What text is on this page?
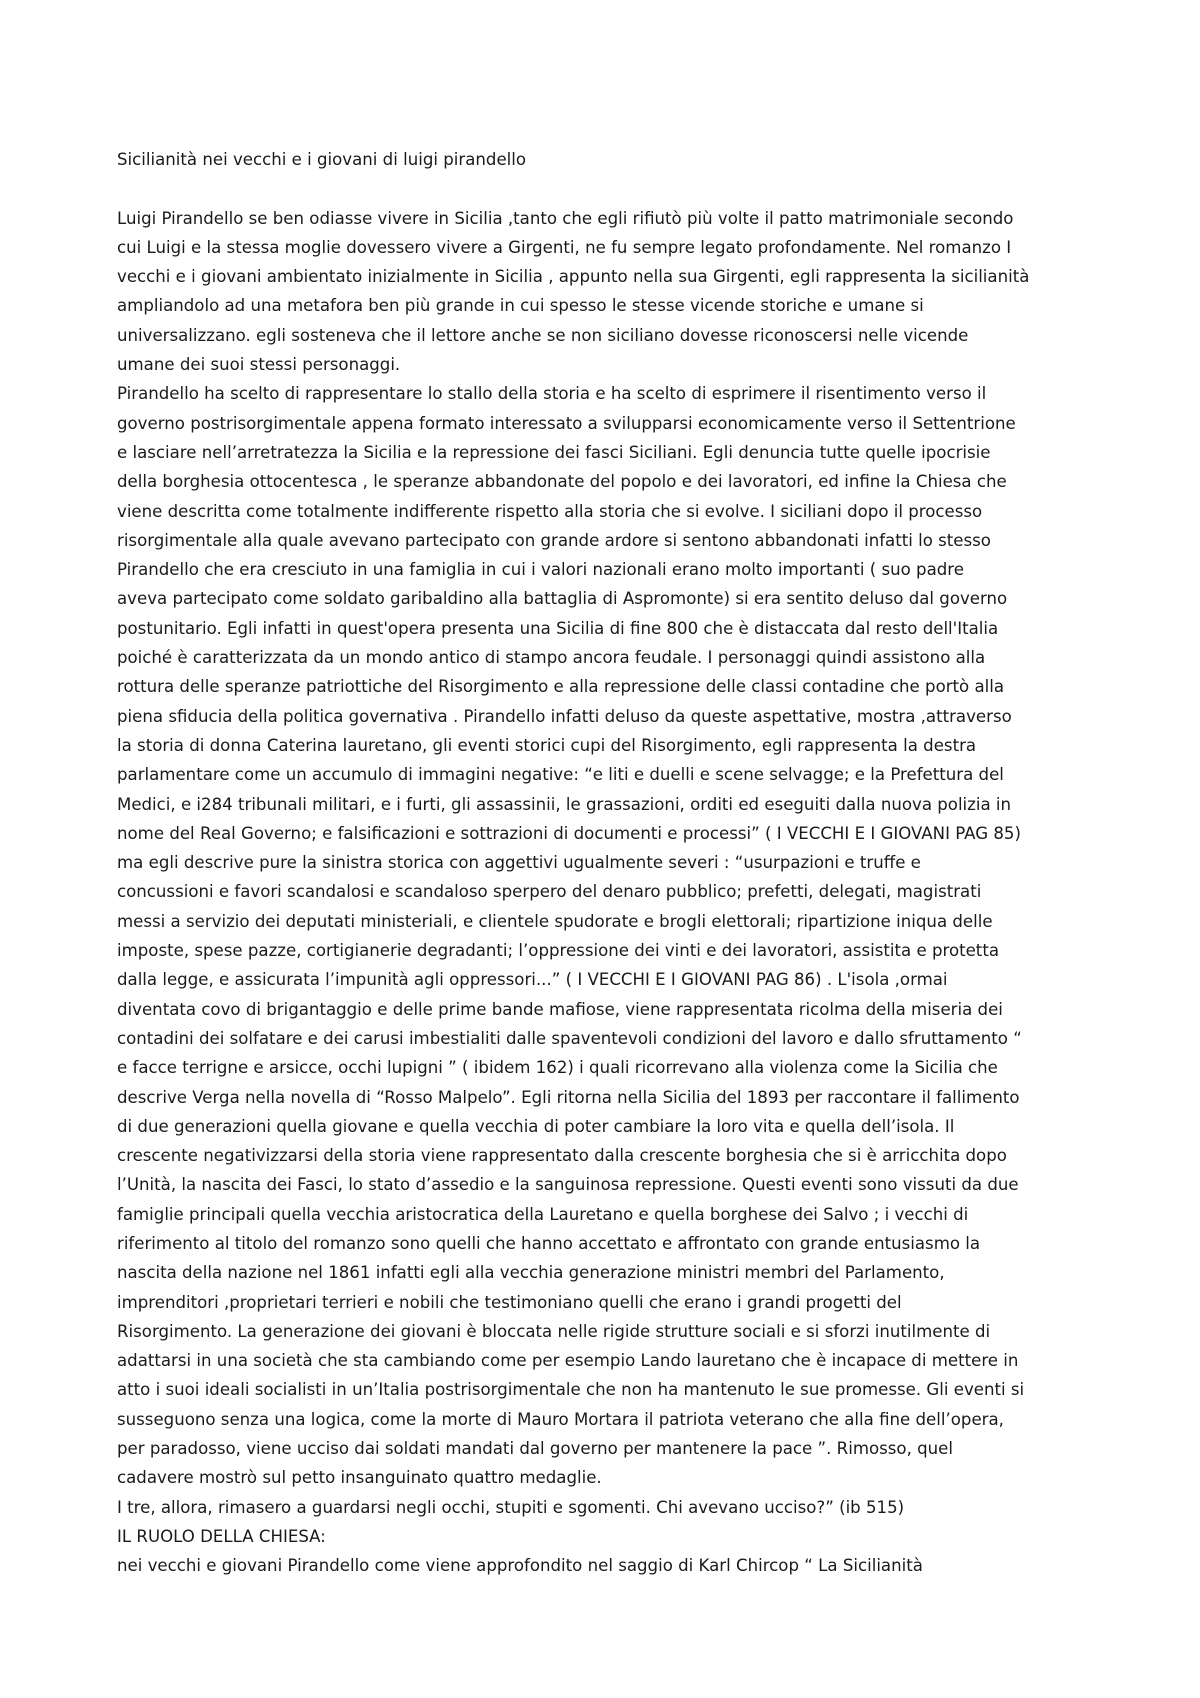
Sicilianità nei vecchi e i giovani di luigi pirandello

Luigi Pirandello se ben odiasse vivere in Sicilia ,tanto che egli rifiutò più volte il patto matrimoniale secondo

cui Luigi e la stessa moglie dovessero vivere a Girgenti, ne fu sempre legato profondamente. Nel romanzo I

vecchi e i giovani ambientato inizialmente in Sicilia , appunto nella sua Girgenti, egli rappresenta la sicilianità

ampliandolo ad una metafora ben più grande in cui spesso le stesse vicende storiche e umane si

universalizzano. egli sosteneva che il lettore anche se non siciliano dovesse riconoscersi nelle vicende

umane dei suoi stessi personaggi.

Pirandello ha scelto di rappresentare lo stallo della storia e ha scelto di esprimere il risentimento verso il

governo postrisorgimentale appena formato interessato a svilupparsi economicamente verso il Settentrione

e lasciare nell’arretratezza la Sicilia e la repressione dei fasci Siciliani. Egli denuncia tutte quelle ipocrisie

della borghesia ottocentesca , le speranze abbandonate del popolo e dei lavoratori, ed infine la Chiesa che

viene descritta come totalmente indifferente rispetto alla storia che si evolve. I siciliani dopo il processo

risorgimentale alla quale avevano partecipato con grande ardore si sentono abbandonati infatti lo stesso

Pirandello che era cresciuto in una famiglia in cui i valori nazionali erano molto importanti ( suo padre

aveva partecipato come soldato garibaldino alla battaglia di Aspromonte) si era sentito deluso dal governo

postunitario. Egli infatti in quest'opera presenta una Sicilia di fine 800 che è distaccata dal resto dell'Italia

poiché è caratterizzata da un mondo antico di stampo ancora feudale. I personaggi quindi assistono alla

rottura delle speranze patriottiche del Risorgimento e alla repressione delle classi contadine che portò alla

piena sfiducia della politica governativa . Pirandello infatti deluso da queste aspettative, mostra ,attraverso

la storia di donna Caterina lauretano, gli eventi storici cupi del Risorgimento, egli rappresenta la destra

parlamentare come un accumulo di immagini negative: “e liti e duelli e scene selvagge; e la Prefettura del

Medici, e i284 tribunali militari, e i furti, gli assassinii, le grassazioni, orditi ed eseguiti dalla nuova polizia in

nome del Real Governo; e falsificazioni e sottrazioni di documenti e processi” ( I VECCHI E I GIOVANI PAG 85)

ma egli descrive pure la sinistra storica con aggettivi ugualmente severi : “usurpazioni e truffe e

concussioni e favori scandalosi e scandaloso sperpero del denaro pubblico; prefetti, delegati, magistrati

messi a servizio dei deputati ministeriali, e clientele spudorate e brogli elettorali; ripartizione iniqua delle

imposte, spese pazze, cortigianerie degradanti; l’oppressione dei vinti e dei lavoratori, assistita e protetta

dalla legge, e assicurata l’impunità agli oppressori...” ( I VECCHI E I GIOVANI PAG 86) . L'isola ,ormai

diventata covo di brigantaggio e delle prime bande mafiose, viene rappresentata ricolma della miseria dei

contadini dei solfatare e dei carusi imbestialiti dalle spaventevoli condizioni del lavoro e dallo sfruttamento “

e facce terrigne e arsicce, occhi lupigni ” ( ibidem 162) i quali ricorrevano alla violenza come la Sicilia che

descrive Verga nella novella di “Rosso Malpelo”. Egli ritorna nella Sicilia del 1893 per raccontare il fallimento

di due generazioni quella giovane e quella vecchia di poter cambiare la loro vita e quella dell’isola. Il

crescente negativizzarsi della storia viene rappresentato dalla crescente borghesia che si è arricchita dopo

l’Unità, la nascita dei Fasci, lo stato d’assedio e la sanguinosa repressione. Questi eventi sono vissuti da due

famiglie principali quella vecchia aristocratica della Lauretano e quella borghese dei Salvo ; i vecchi di

riferimento al titolo del romanzo sono quelli che hanno accettato e affrontato con grande entusiasmo la

nascita della nazione nel 1861 infatti egli alla vecchia generazione ministri membri del Parlamento,

imprenditori ,proprietari terrieri e nobili che testimoniano quelli che erano i grandi progetti del

Risorgimento. La generazione dei giovani è bloccata nelle rigide strutture sociali e si sforzi inutilmente di

adattarsi in una società che sta cambiando come per esempio Lando lauretano che è incapace di mettere in

atto i suoi ideali socialisti in un’Italia postrisorgimentale che non ha mantenuto le sue promesse. Gli eventi si

susseguono senza una logica, come la morte di Mauro Mortara il patriota veterano che alla fine dell’opera,

per paradosso, viene ucciso dai soldati mandati dal governo per mantenere la pace ”. Rimosso, quel

cadavere mostrò sul petto insanguinato quattro medaglie.

I tre, allora, rimasero a guardarsi negli occhi, stupiti e sgomenti. Chi avevano ucciso?” (ib 515)

IL RUOLO DELLA CHIESA:

nei vecchi e giovani Pirandello come viene approfondito nel saggio di Karl Chircop “ La Sicilianità
